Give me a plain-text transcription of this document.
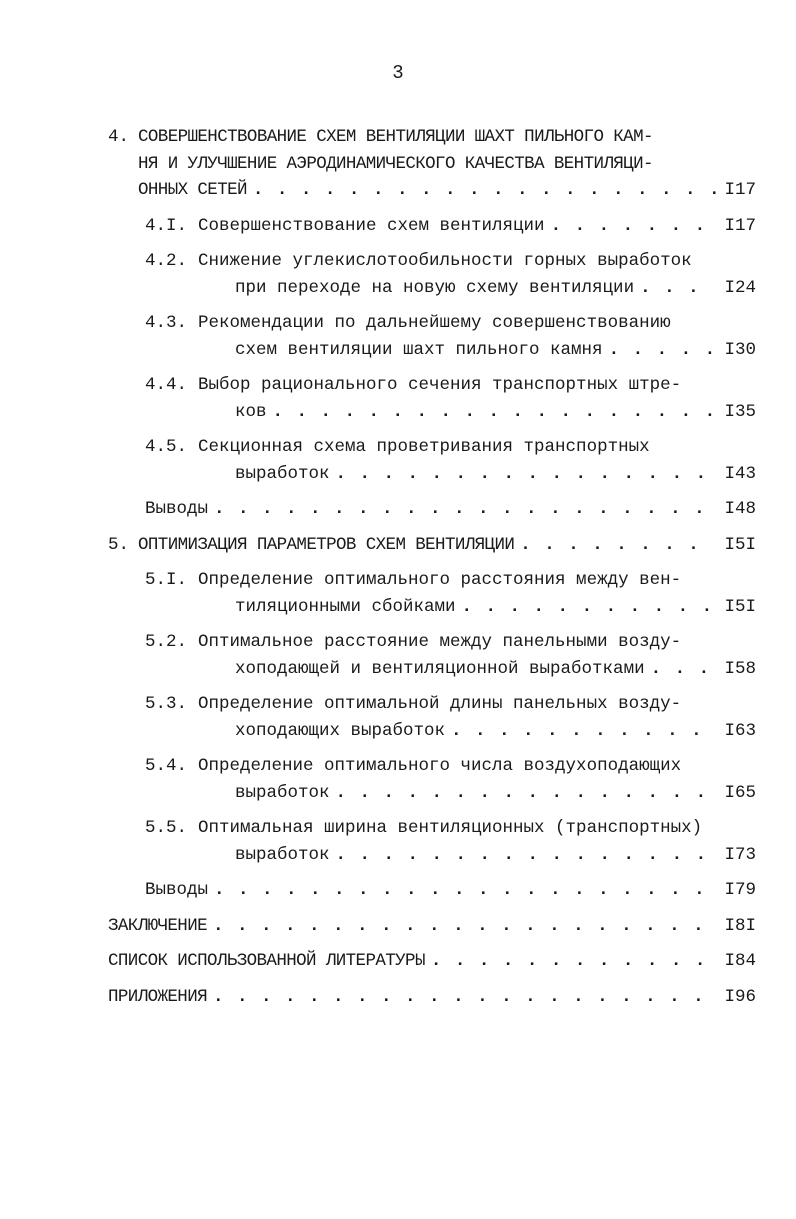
3
4. СОВЕРШЕНСТВОВАНИЕ СХЕМ ВЕНТИЛЯЦИИ ШАХТ ПИЛЬНОГО КАМ-
НЯ И УЛУЧШЕНИЕ АЭРОДИНАМИЧЕСКОГО КАЧЕСТВА ВЕНТИЛЯЦИ-
ОННЫХ СЕТЕЙ . . .	I17
4.I. Совершенствование схем вентиляции . . .	I17
4.2. Снижение углекислотообильности горных выработок
при переходе на новую схему вентиляции . . .	I24
4.3. Рекомендации по дальнейшему совершенствованию
схем вентиляции шахт пильного камня . . .	I30
4.4. Выбор рационального сечения транспортных штре-
ков . . .	I35
4.5. Секционная схема проветривания транспортных
выработок . . .	I43
Выводы . . .	I48
5. ОПТИМИЗАЦИЯ ПАРАМЕТРОВ СХЕМ ВЕНТИЛЯЦИИ . . .	I5I
5.I. Определение оптимального расстояния между вен-
тиляционными сбойками . . .	I5I
5.2. Оптимальное расстояние между панельными возду-
хоподающей и вентиляционной выработками . . .	I58
5.3. Определение оптимальной длины панельных возду-
хоподающих выработок . . .	I63
5.4. Определение оптимального числа воздухоподающих
выработок . . .	I65
5.5. Оптимальная ширина вентиляционных (транспортных)
выработок . . .	I73
Выводы . . .	I79
ЗАКЛЮЧЕНИЕ . . .	I8I
СПИСОК ИСПОЛЬЗОВАННОЙ ЛИТЕРАТУРЫ . . .	I84
ПРИЛОЖЕНИЯ . . .	I96
